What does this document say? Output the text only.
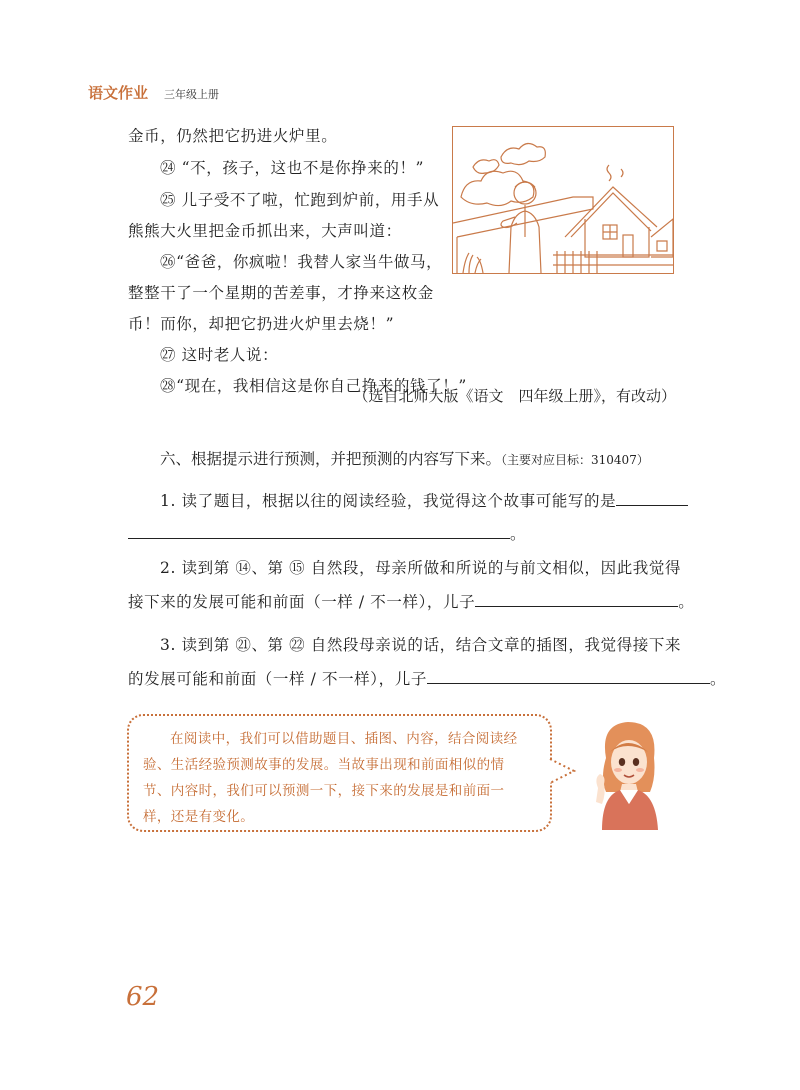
语文作业 三年级上册
金币，仍然把它扔进火炉里。
㉔ “不，孩子，这也不是你挣来的！”
㉕ 儿子受不了啦，忙跑到炉前，用手从
熊熊大火里把金币抓出来，大声叫道：
㉖“爸爸，你疯啦！我替人家当牛做马，
整整干了一个星期的苦差事，才挣来这枚金
币！而你，却把它扔进火炉里去烧！”
㉗ 这时老人说：
㉘“现在，我相信这是你自己挣来的钱了！”
（选自北师大版《语文　四年级上册》，有改动）
六、根据提示进行预测，并把预测的内容写下来。（主要对应目标：310407）
1. 读了题目，根据以往的阅读经验，我觉得这个故事可能写的是
。
2. 读到第 ⑭、第 ⑮ 自然段，母亲所做和所说的与前文相似，因此我觉得
接下来的发展可能和前面（一样 / 不一样），儿子	。
3. 读到第 ㉑、第 ㉒ 自然段母亲说的话，结合文章的插图，我觉得接下来
的发展可能和前面（一样 / 不一样），儿子	。

在阅读中，我们可以借助题目、插图、内容，结合阅读经

验、生活经验预测故事的发展。当故事出现和前面相似的情

节、内容时，我们可以预测一下，接下来的发展是和前面一

样，还是有变化。

62
